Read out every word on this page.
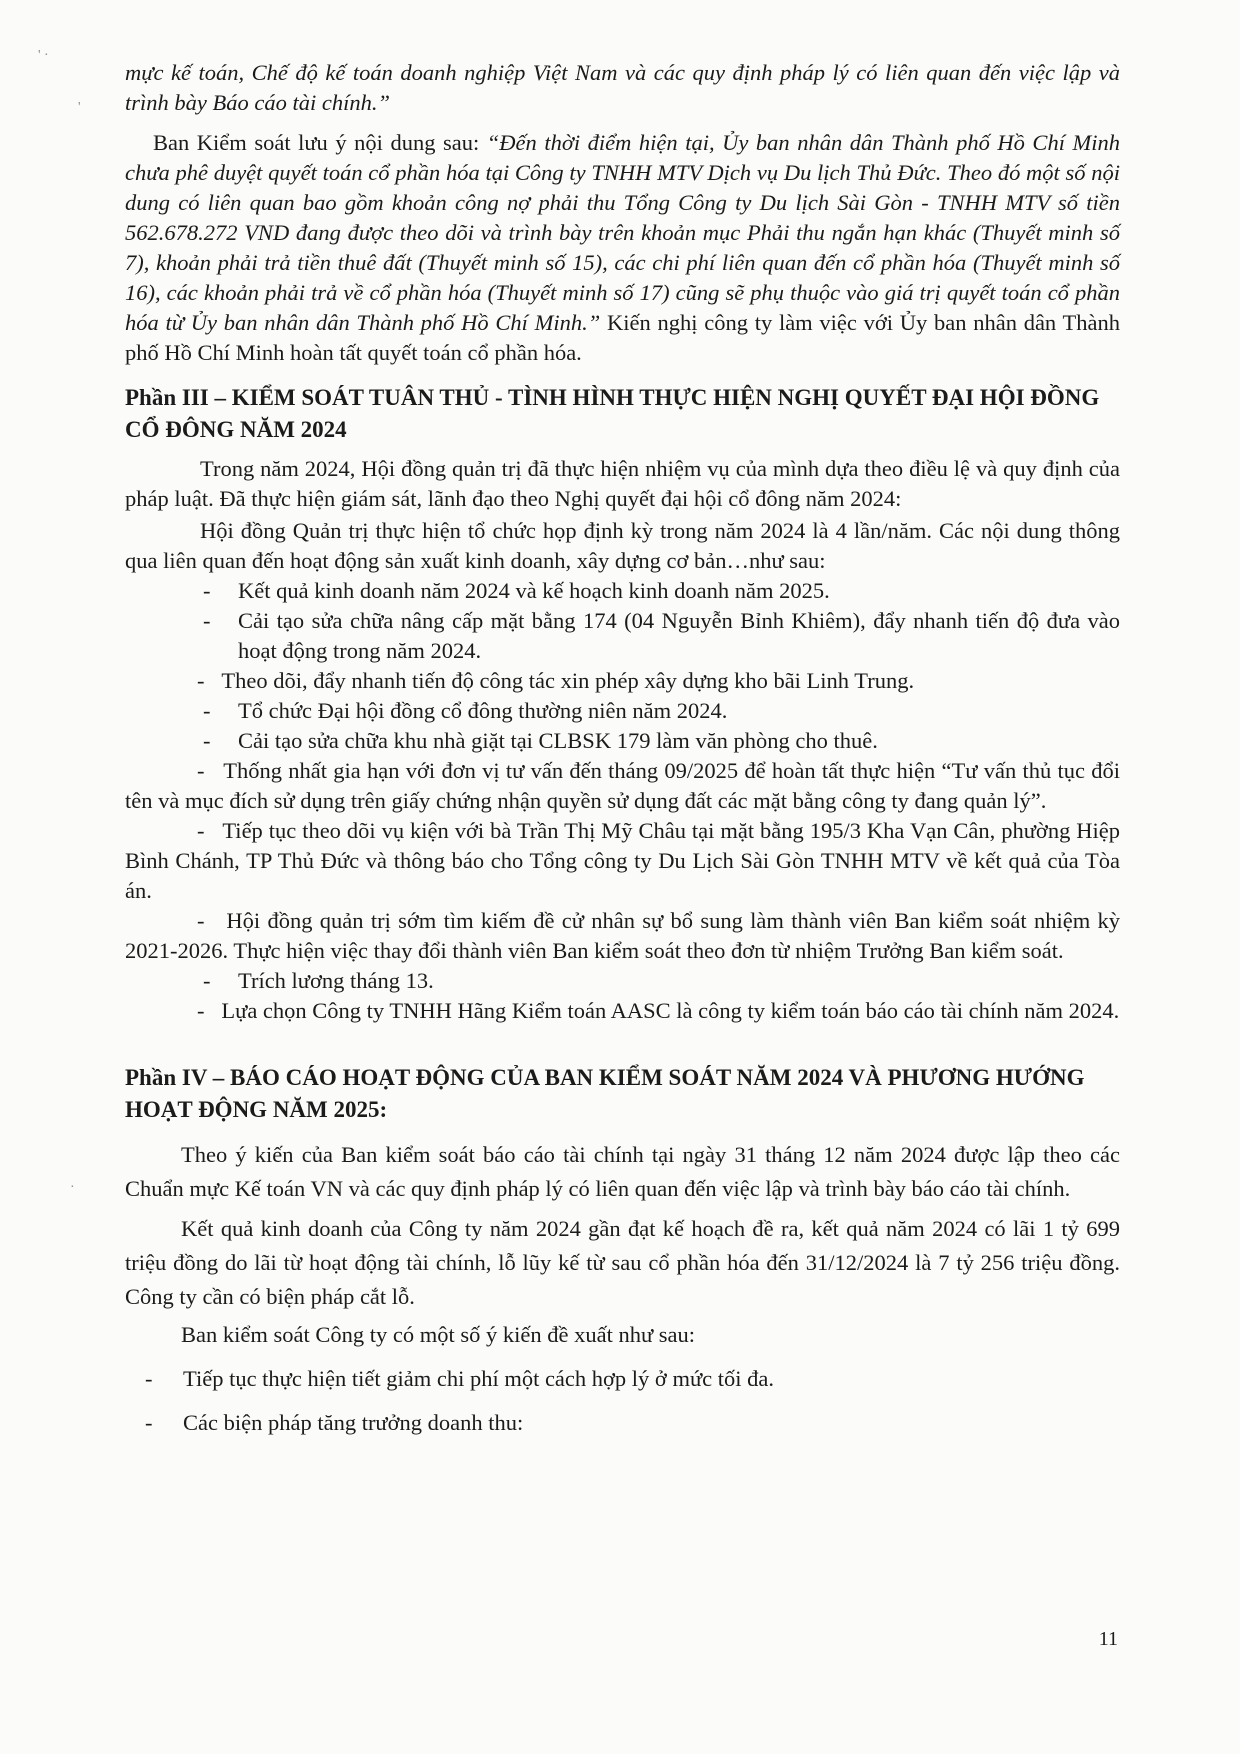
' ·
'
·

mực kế toán, Chế độ kế toán doanh nghiệp Việt Nam và các quy định pháp lý có liên quan đến việc lập và trình bày Báo cáo tài chính.”

Ban Kiểm soát lưu ý nội dung sau: “Đến thời điểm hiện tại, Ủy ban nhân dân Thành phố Hồ Chí Minh chưa phê duyệt quyết toán cổ phần hóa tại Công ty TNHH MTV Dịch vụ Du lịch Thủ Đức. Theo đó một số nội dung có liên quan bao gồm khoản công nợ phải thu Tổng Công ty Du lịch Sài Gòn - TNHH MTV số tiền 562.678.272 VND đang được theo dõi và trình bày trên khoản mục Phải thu ngắn hạn khác (Thuyết minh số 7), khoản phải trả tiền thuê đất (Thuyết minh số 15), các chi phí liên quan đến cổ phần hóa (Thuyết minh số 16), các khoản phải trả về cổ phần hóa (Thuyết minh số 17) cũng sẽ phụ thuộc vào giá trị quyết toán cổ phần hóa từ Ủy ban nhân dân Thành phố Hồ Chí Minh.” Kiến nghị công ty làm việc với Ủy ban nhân dân Thành phố Hồ Chí Minh hoàn tất quyết toán cổ phần hóa.

Phần III – KIỂM SOÁT TUÂN THỦ - TÌNH HÌNH THỰC HIỆN NGHỊ QUYẾT ĐẠI HỘI ĐỒNG CỔ ĐÔNG NĂM 2024

Trong năm 2024, Hội đồng quản trị đã thực hiện nhiệm vụ của mình dựa theo điều lệ và quy định của pháp luật. Đã thực hiện giám sát, lãnh đạo theo Nghị quyết đại hội cổ đông năm 2024:

Hội đồng Quản trị thực hiện tổ chức họp định kỳ trong năm 2024 là 4 lần/năm. Các nội dung thông qua liên quan đến hoạt động sản xuất kinh doanh, xây dựng cơ bản…như sau:

-	Kết quả kinh doanh năm 2024 và kế hoạch kinh doanh năm 2025.
-	Cải tạo sửa chữa nâng cấp mặt bằng 174 (04 Nguyễn Bỉnh Khiêm), đẩy nhanh tiến độ đưa vào hoạt động trong năm 2024.

-   Theo dõi, đẩy nhanh tiến độ công tác xin phép xây dựng kho bãi Linh Trung.

-	Tổ chức Đại hội đồng cổ đông thường niên năm 2024.
-	Cải tạo sửa chữa khu nhà giặt tại CLBSK 179 làm văn phòng cho thuê.

-   Thống nhất gia hạn với đơn vị tư vấn đến tháng 09/2025 để hoàn tất thực hiện “Tư vấn thủ tục đổi tên và mục đích sử dụng trên giấy chứng nhận quyền sử dụng đất các mặt bằng công ty đang quản lý”.

-   Tiếp tục theo dõi vụ kiện với bà Trần Thị Mỹ Châu tại mặt bằng 195/3 Kha Vạn Cân, phường Hiệp Bình Chánh, TP Thủ Đức và thông báo cho Tổng công ty Du Lịch Sài Gòn TNHH MTV về kết quả của Tòa án.

-   Hội đồng quản trị sớm tìm kiếm đề cử nhân sự bổ sung làm thành viên Ban kiểm soát nhiệm kỳ 2021-2026. Thực hiện việc thay đổi thành viên Ban kiểm soát theo đơn từ nhiệm Trưởng Ban kiểm soát.

-	Trích lương tháng 13.

-   Lựa chọn Công ty TNHH Hãng Kiểm toán AASC là công ty kiểm toán báo cáo tài chính năm 2024.

Phần IV – BÁO CÁO HOẠT ĐỘNG CỦA BAN KIỂM SOÁT NĂM 2024 VÀ PHƯƠNG HƯỚNG HOẠT ĐỘNG NĂM 2025:

Theo ý kiến của Ban kiểm soát báo cáo tài chính tại ngày 31 tháng 12 năm 2024 được lập theo các Chuẩn mực Kế toán VN và các quy định pháp lý có liên quan đến việc lập và trình bày báo cáo tài chính.

Kết quả kinh doanh của Công ty năm 2024 gần đạt kế hoạch đề ra, kết quả năm 2024 có lãi 1 tỷ 699 triệu đồng do lãi từ hoạt động tài chính, lỗ lũy kế từ sau cổ phần hóa đến 31/12/2024 là 7 tỷ 256 triệu đồng. Công ty cần có biện pháp cắt lỗ.

Ban kiểm soát Công ty có một số ý kiến đề xuất như sau:

-	Tiếp tục thực hiện tiết giảm chi phí một cách hợp lý ở mức tối đa.
-	Các biện pháp tăng trưởng doanh thu:
11
